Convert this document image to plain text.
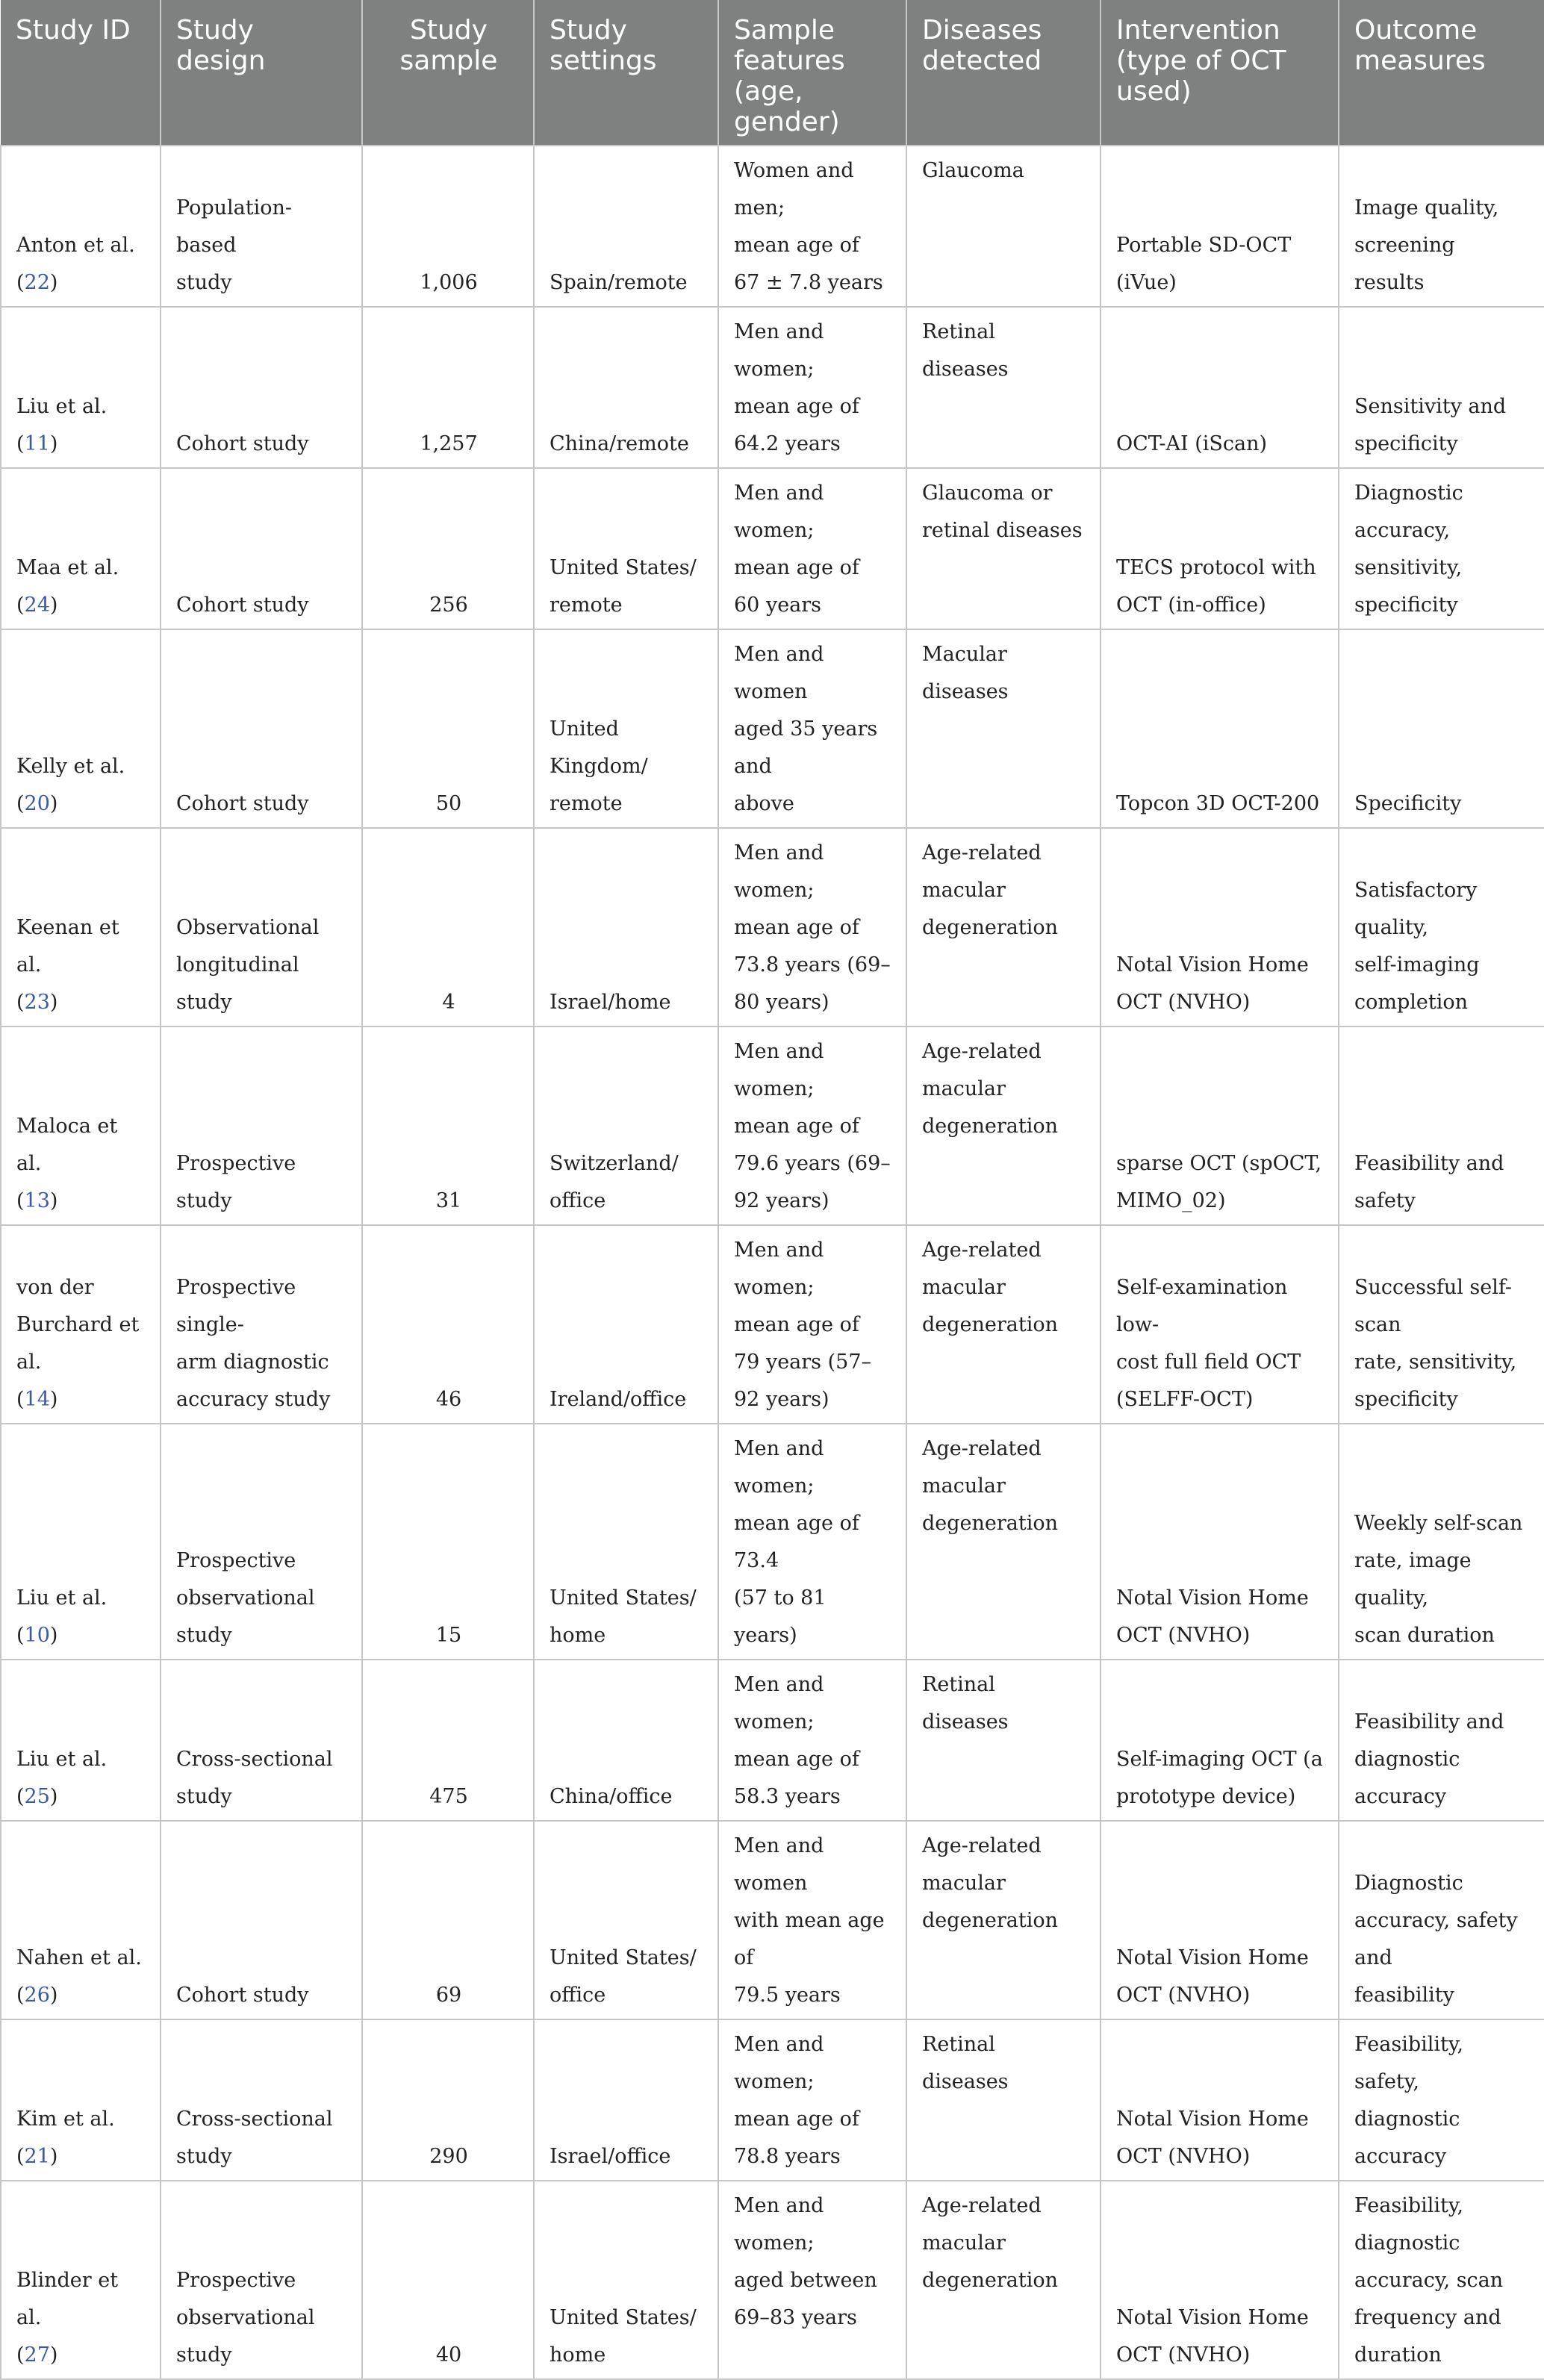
Study ID	Study design	Study
sample	Study
settings	Sample
features
(age,
gender)	Diseases
detected	Intervention
(type of OCT
used)	Outcome
measures
Anton et al.
(22)	Population-based
study	1,006	Spain/remote	Women and men;
mean age of
67 ± 7.8 years	Glaucoma	Portable SD-OCT
(iVue)	Image quality,
screening results
Liu et al. (11)	Cohort study	1,257	China/remote	Men and women;
mean age of
64.2 years	Retinal diseases	OCT-AI (iScan)	Sensitivity and
specificity
Maa et al. (24)	Cohort study	256	United States/
remote	Men and women;
mean age of
60 years	Glaucoma or
retinal diseases	TECS protocol with
OCT (in-office)	Diagnostic
accuracy,
sensitivity,
specificity
Kelly et al.
(20)	Cohort study	50	United Kingdom/
remote	Men and women
aged 35 years and
above	Macular diseases	Topcon 3D OCT-200	Specificity
Keenan et al.
(23)	Observational
longitudinal study	4	Israel/home	Men and women;
mean age of
73.8 years (69–
80 years)	Age-related
macular
degeneration	Notal Vision Home
OCT (NVHO)	Satisfactory quality,
self-imaging
completion
Maloca et al.
(13)	Prospective study	31	Switzerland/
office	Men and women;
mean age of
79.6 years (69–
92 years)	Age-related
macular
degeneration	sparse OCT (spOCT,
MIMO_02)	Feasibility and
safety
von der
Burchard et al.
(14)	Prospective single-
arm diagnostic
accuracy study	46	Ireland/office	Men and women;
mean age of
79 years (57–
92 years)	Age-related
macular
degeneration	Self-examination low-
cost full field OCT
(SELFF-OCT)	Successful self-scan
rate, sensitivity,
specificity
Liu et al. (10)	Prospective
observational study	15	United States/
home	Men and women;
mean age of 73.4
(57 to 81 years)	Age-related
macular
degeneration	Notal Vision Home
OCT (NVHO)	Weekly self-scan
rate, image quality,
scan duration
Liu et al. (25)	Cross-sectional
study	475	China/office	Men and women;
mean age of
58.3 years	Retinal diseases	Self-imaging OCT (a
prototype device)	Feasibility and
diagnostic accuracy
Nahen et al.
(26)	Cohort study	69	United States/
office	Men and women
with mean age of
79.5 years	Age-related
macular
degeneration	Notal Vision Home
OCT (NVHO)	Diagnostic
accuracy, safety and
feasibility
Kim et al. (21)	Cross-sectional
study	290	Israel/office	Men and women;
mean age of
78.8 years	Retinal diseases	Notal Vision Home
OCT (NVHO)	Feasibility, safety,
diagnostic accuracy
Blinder et al.
(27)	Prospective
observational study	40	United States/
home	Men and women;
aged between
69–83 years	Age-related
macular
degeneration	Notal Vision Home
OCT (NVHO)	Feasibility,
diagnostic
accuracy, scan
frequency and
duration
